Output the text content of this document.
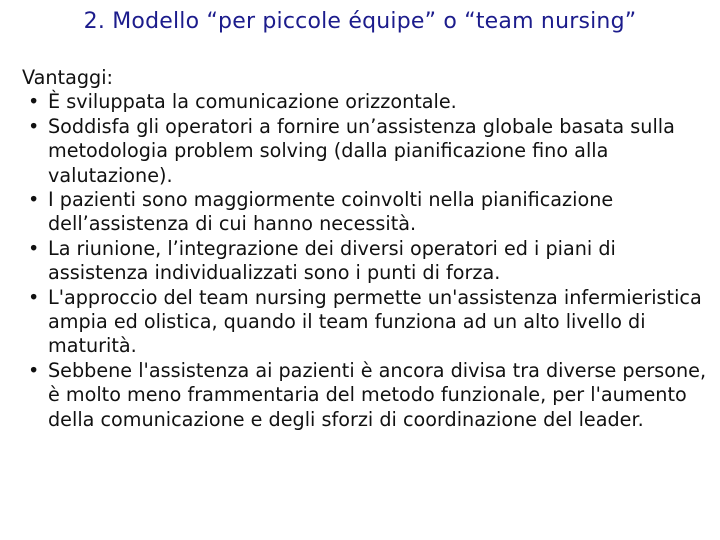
2. Modello “per piccole équipe” o “team nursing”

Vantaggi:

• È sviluppata la comunicazione orizzontale.
• Soddisfa gli operatori a fornire un’assistenza globale basata sulla metodologia problem solving (dalla pianificazione fino alla valutazione).
• I pazienti sono maggiormente coinvolti nella pianificazione dell’assistenza di cui hanno necessità.
• La riunione, l’integrazione dei diversi operatori ed i piani di assistenza individualizzati sono i punti di forza.
• L'approccio del team nursing permette un'assistenza infermieristica ampia ed olistica, quando il team funziona ad un alto livello di maturità.
• Sebbene l'assistenza ai pazienti è ancora divisa tra diverse persone, è molto meno frammentaria del metodo funzionale, per l'aumento della comunicazione e degli sforzi di coordinazione del leader.
